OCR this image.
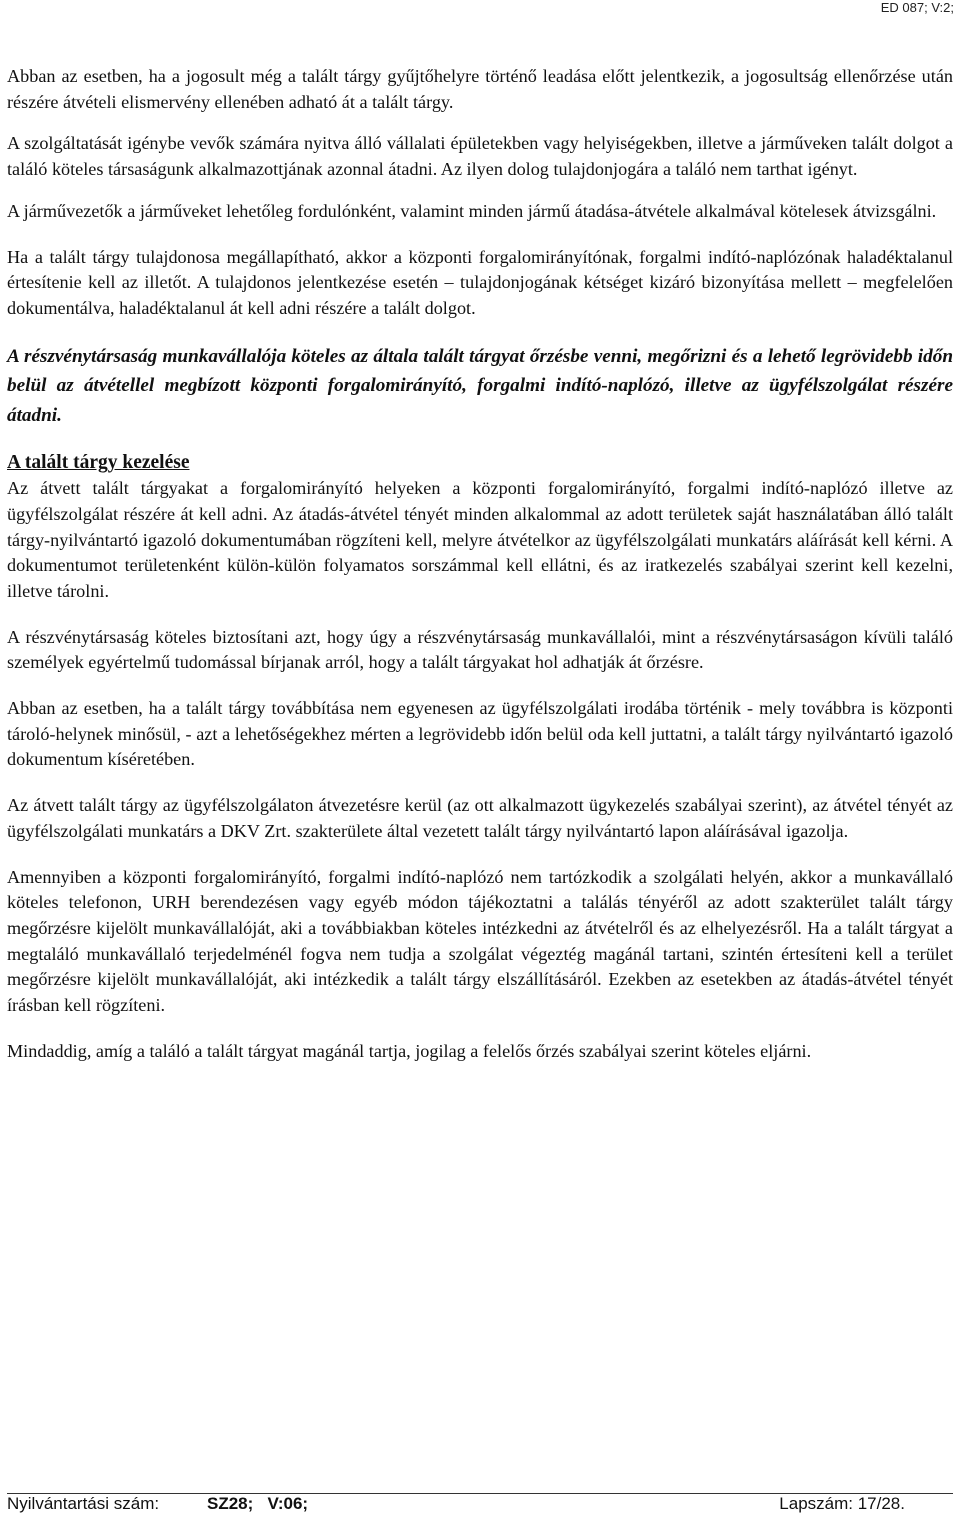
ED 087; V:2;

Abban az esetben, ha a jogosult még a talált tárgy gyűjtőhelyre történő leadása előtt jelentkezik, a jogosultság ellenőrzése után részére átvételi elismervény ellenében adható át a talált tárgy.

A szolgáltatását igénybe vevők számára nyitva álló vállalati épületekben vagy helyiségekben, illetve a járműveken talált dolgot a találó köteles társaságunk alkalmazottjának azonnal átadni. Az ilyen dolog tulajdonjogára a találó nem tarthat igényt.

A járművezetők a járműveket lehetőleg fordulónként, valamint minden jármű átadása-átvétele alkalmával kötelesek átvizsgálni.

Ha a talált tárgy tulajdonosa megállapítható, akkor a központi forgalomirányítónak, forgalmi indító-naplózónak haladéktalanul értesítenie kell az illetőt. A tulajdonos jelentkezése esetén – tulajdonjogának kétséget kizáró bizonyítása mellett – megfelelően dokumentálva, haladéktalanul át kell adni részére a talált dolgot.

A részvénytársaság munkavállalója köteles az általa talált tárgyat őrzésbe venni, megőrizni és a lehető legrövidebb időn belül az átvétellel megbízott központi forgalomirányító, forgalmi indító-naplózó, illetve az ügyfélszolgálat részére átadni.

A talált tárgy kezelése

Az átvett talált tárgyakat a forgalomirányító helyeken a központi forgalomirányító, forgalmi indító-naplózó illetve az ügyfélszolgálat részére át kell adni. Az átadás-átvétel tényét minden alkalommal az adott területek saját használatában álló talált tárgy-nyilvántartó igazoló dokumentumában rögzíteni kell, melyre átvételkor az ügyfélszolgálati munkatárs aláírását kell kérni. A dokumentumot területenként külön-külön folyamatos sorszámmal kell ellátni, és az iratkezelés szabályai szerint kell kezelni, illetve tárolni.

A részvénytársaság köteles biztosítani azt, hogy úgy a részvénytársaság munkavállalói, mint a részvénytársaságon kívüli találó személyek egyértelmű tudomással bírjanak arról, hogy a talált tárgyakat hol adhatják át őrzésre.

Abban az esetben, ha a talált tárgy továbbítása nem egyenesen az ügyfélszolgálati irodába történik - mely továbbra is központi tároló-helynek minősül, - azt a lehetőségekhez mérten a legrövidebb időn belül oda kell juttatni, a talált tárgy nyilvántartó igazoló dokumentum kíséretében.

Az átvett talált tárgy az ügyfélszolgálaton átvezetésre kerül (az ott alkalmazott ügykezelés szabályai szerint), az átvétel tényét az ügyfélszolgálati munkatárs a DKV Zrt. szakterülete által vezetett talált tárgy nyilvántartó lapon aláírásával igazolja.

Amennyiben a központi forgalomirányító, forgalmi indító-naplózó nem tartózkodik a szolgálati helyén, akkor a munkavállaló köteles telefonon, URH berendezésen vagy egyéb módon tájékoztatni a találás tényéről az adott szakterület talált tárgy megőrzésre kijelölt munkavállalóját, aki a továbbiakban köteles intézkedni az átvételről és az elhelyezésről. Ha a talált tárgyat a megtaláló munkavállaló terjedelménél fogva nem tudja a szolgálat végeztég magánál tartani, szintén értesíteni kell a terület megőrzésre kijelölt munkavállalóját, aki intézkedik a talált tárgy elszállításáról. Ezekben az esetekben az átadás-átvétel tényét írásban kell rögzíteni.

Mindaddig, amíg a találó a talált tárgyat magánál tartja, jogilag a felelős őrzés szabályai szerint köteles eljárni.

Nyilvántartási szám:	SZ28;   V:06;	Lapszám: 17/28.
